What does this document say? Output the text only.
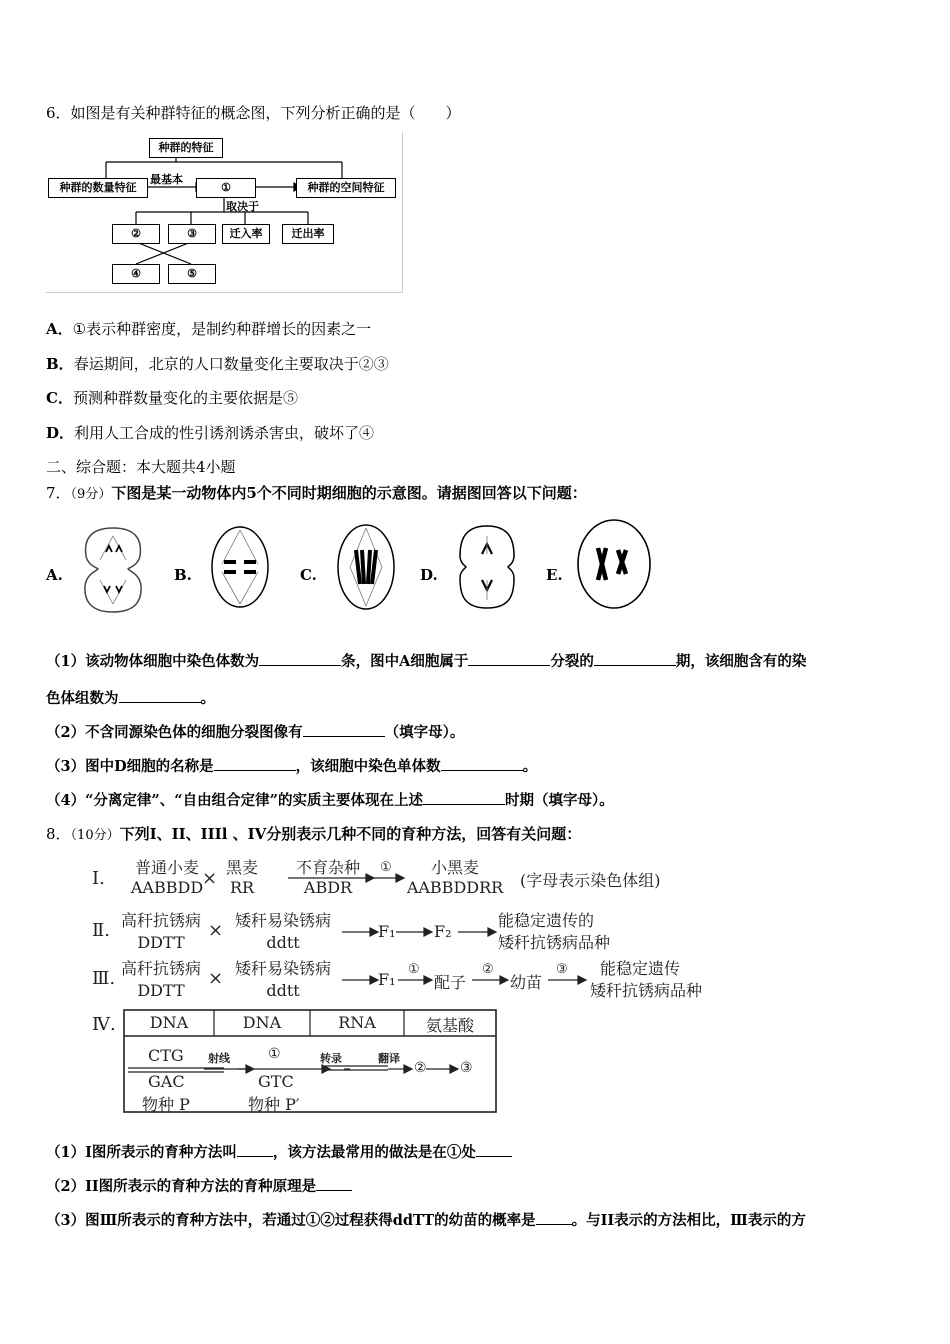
6．如图是有关种群特征的概念图，下列分析正确的是（　　）
种群的特征
种群的数量特征
最基本
①	种群的空间特征
取决于
②	③	迁入率	迁出率
④	⑤
A．①表示种群密度，是制约种群增长的因素之一
B．春运期间，北京的人口数量变化主要取决于②③
C．预测种群数量变化的主要依据是⑤
D．利用人工合成的性引诱剂诱杀害虫，破坏了④
二、综合题：本大题共4小题
7．（9分）下图是某一动物体内5个不同时期细胞的示意图。请据图回答以下问题：
A.	B.	C.	D.	E.
（1）该动物体细胞中染色体数为	条，图中A细胞属于	分裂的	期，该细胞含有的染
色体组数为	。
（2）不含同源染色体的细胞分裂图像有	（填字母）。
（3）图中D细胞的名称是	，该细胞中染色单体数	。
（4）“分离定律”、“自由组合定律”的实质主要体现在上述	时期（填字母）。
8．（10分）下列I、II、IIIl 、IV分别表示几种不同的育种方法，回答有关问题：
Ⅰ.
普通小麦
AABBDD
×
黑麦
RR
不育杂种
ABDR
①	小黑麦
AABBDDRR	(字母表示染色体组)
Ⅱ. 高秆抗锈病
DDTT
× 矮秆易染锈病
ddtt
F₁ F₂
能稳定遗传的
矮秆抗锈病品种
Ⅲ. 高秆抗锈病
DDTT
× 矮秆易染锈病
ddtt
F₁
①
配子
②
幼苗
③	能稳定遗传
矮秆抗锈病品种
Ⅳ.	DNA	DNA	RNA	氨基酸
CTG
GAC
物种 P
射线	①
GTC
物种 P′
转录
②
翻译
③
（1）I图所表示的育种方法叫 ，该方法最常用的做法是在①处
（2）II图所表示的育种方法的育种原理是
（3）图Ⅲ所表示的育种方法中，若通过①②过程获得ddTT的幼苗的概率是 。与II表示的方法相比，Ⅲ表示的方
